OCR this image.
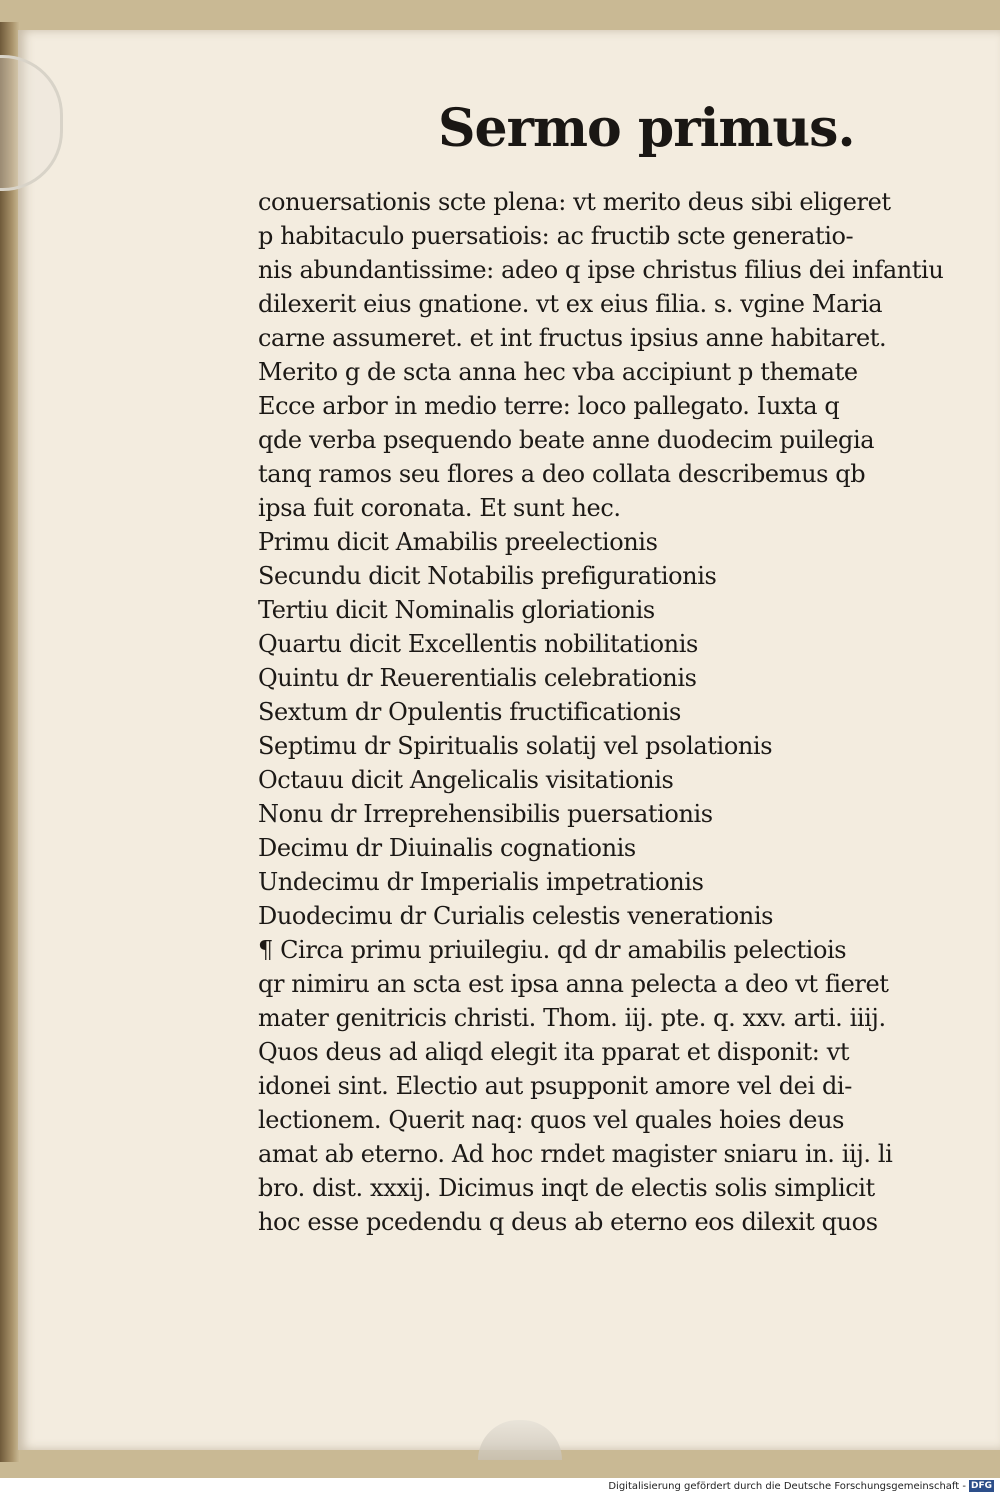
Sermo primus.
conuersationis scte plena: vt merito deus sibi eligeret
p habitaculo puersatiois: ac fructib scte generatio-
nis abundantissime: adeo q ipse christus filius dei infantiu
dilexerit eius gnatione. vt ex eius filia. s. vgine Maria
carne assumeret. et int fructus ipsius anne habitaret.
Merito g de scta anna hec vba accipiunt p themate
Ecce arbor in medio terre: loco pallegato. Iuxta q
qde verba psequendo beate anne duodecim puilegia
tanq ramos seu flores a deo collata describemus qb
ipsa fuit coronata. Et sunt hec.
Primu dicit Amabilis preelectionis
Secundu dicit Notabilis prefigurationis
Tertiu dicit Nominalis gloriationis
Quartu dicit Excellentis nobilitationis
Quintu dr Reuerentialis celebrationis
Sextum dr Opulentis fructificationis
Septimu dr Spiritualis solatij vel psolationis
Octauu dicit Angelicalis visitationis
Nonu dr Irreprehensibilis puersationis
Decimu dr Diuinalis cognationis
Undecimu dr Imperialis impetrationis
Duodecimu dr Curialis celestis venerationis
¶ Circa primu priuilegiu. qd dr amabilis pelectiois
qr nimiru an scta est ipsa anna pelecta a deo vt fieret
mater genitricis christi. Thom. iij. pte. q. xxv. arti. iiij.
Quos deus ad aliqd elegit ita pparat et disponit: vt
idonei sint. Electio aut psupponit amore vel dei di-
lectionem. Querit naq: quos vel quales hoies deus
amat ab eterno. Ad hoc rndet magister sniaru in. iij. li
bro. dist. xxxij. Dicimus inqt de electis solis simplicit
hoc esse pcedendu q deus ab eterno eos dilexit quos
Digitalisierung gefördert durch die Deutsche Forschungsgemeinschaft - DFG
